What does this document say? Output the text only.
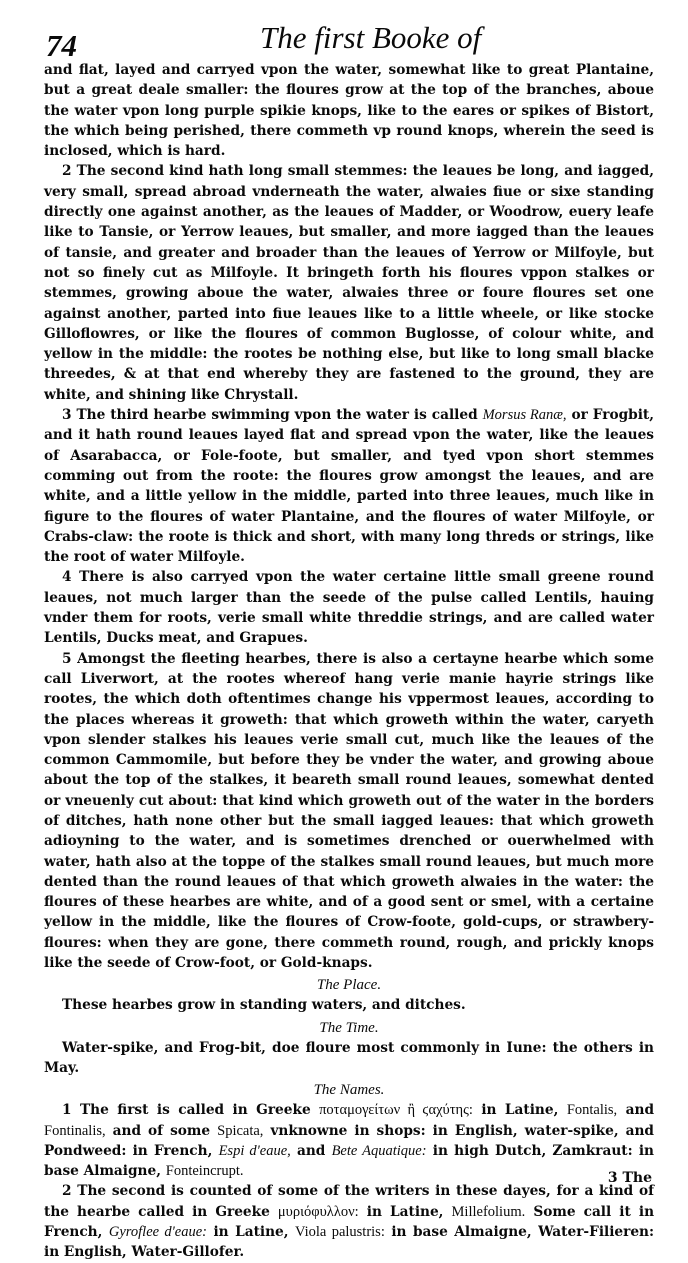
74	The first Booke of

and flat, layed and carryed vpon the water, somewhat like to great Plantaine, but a great deale smaller: the floures grow at the top of the branches, aboue the water vpon long purple spikie knops, like to the eares or spikes of Bistort, the which being perished, there commeth vp round knops, wherein the seed is inclosed, which is hard.

2 The second kind hath long small stemmes: the leaues be long, and iagged, very small, spread abroad vnderneath the water, alwaies fiue or sixe standing directly one against another, as the leaues of Madder, or Woodrow, euery leafe like to Tansie, or Yerrow leaues, but smaller, and more iagged than the leaues of tansie, and greater and broader than the leaues of Yerrow or Milfoyle, but not so finely cut as Milfoyle. It bringeth forth his floures vppon stalkes or stemmes, growing aboue the water, alwaies three or foure floures set one against another, parted into fiue leaues like to a little wheele, or like stocke Gilloflowres, or like the floures of common Buglosse, of colour white, and yellow in the middle: the rootes be nothing else, but like to long small blacke threedes, & at that end whereby they are fastened to the ground, they are white, and shining like Chrystall.

3 The third hearbe swimming vpon the water is called Morsus Ranæ, or Frogbit, and it hath round leaues layed flat and spread vpon the water, like the leaues of Asarabacca, or Fole-foote, but smaller, and tyed vpon short stemmes comming out from the roote: the floures grow amongst the leaues, and are white, and a little yellow in the middle, parted into three leaues, much like in figure to the floures of water Plantaine, and the floures of water Milfoyle, or Crabs-claw: the roote is thick and short, with many long threds or strings, like the root of water Milfoyle.

4 There is also carryed vpon the water certaine little small greene round leaues, not much larger than the seede of the pulse called Lentils, hauing vnder them for roots, verie small white threddie strings, and are called water Lentils, Ducks meat, and Grapues.

5 Amongst the fleeting hearbes, there is also a certayne hearbe which some call Liverwort, at the rootes whereof hang verie manie hayrie strings like rootes, the which doth oftentimes change his vppermost leaues, according to the places whereas it groweth: that which groweth within the water, caryeth vpon slender stalkes his leaues verie small cut, much like the leaues of the common Cammomile, but before they be vnder the water, and growing aboue about the top of the stalkes, it beareth small round leaues, somewhat dented or vneuenly cut about: that kind which groweth out of the water in the borders of ditches, hath none other but the small iagged leaues: that which groweth adioyning to the water, and is sometimes drenched or ouerwhelmed with water, hath also at the toppe of the stalkes small round leaues, but much more dented than the round leaues of that which groweth alwaies in the water: the floures of these hearbes are white, and of a good sent or smel, with a certaine yellow in the middle, like the floures of Crow-foote, gold-cups, or strawbery-floures: when they are gone, there commeth round, rough, and prickly knops like the seede of Crow-foot, or Gold-knaps.

The Place.

These hearbes grow in standing waters, and ditches.

The Time.

Water-spike, and Frog-bit, doe floure most commonly in Iune: the others in May.

The Names.

1 The first is called in Greeke ποταμογείτων ἢ ϛαχύτης: in Latine, Fontalis, and Fontinalis, and of some Spicata, vnknowne in shops: in English, water-spike, and Pondweed: in French, Espi d'eaue, and Bete Aquatique: in high Dutch, Zamkraut: in base Almaigne, Fonteincrupt.

2 The second is counted of some of the writers in these dayes, for a kind of the hearbe called in Greeke μυριόφυλλον: in Latine, Millefolium. Some call it in French, Gyroflee d'eaue: in Latine, Viola palustris: in base Almaigne, Water-Filieren: in English, Water-Gillofer.

3 The
